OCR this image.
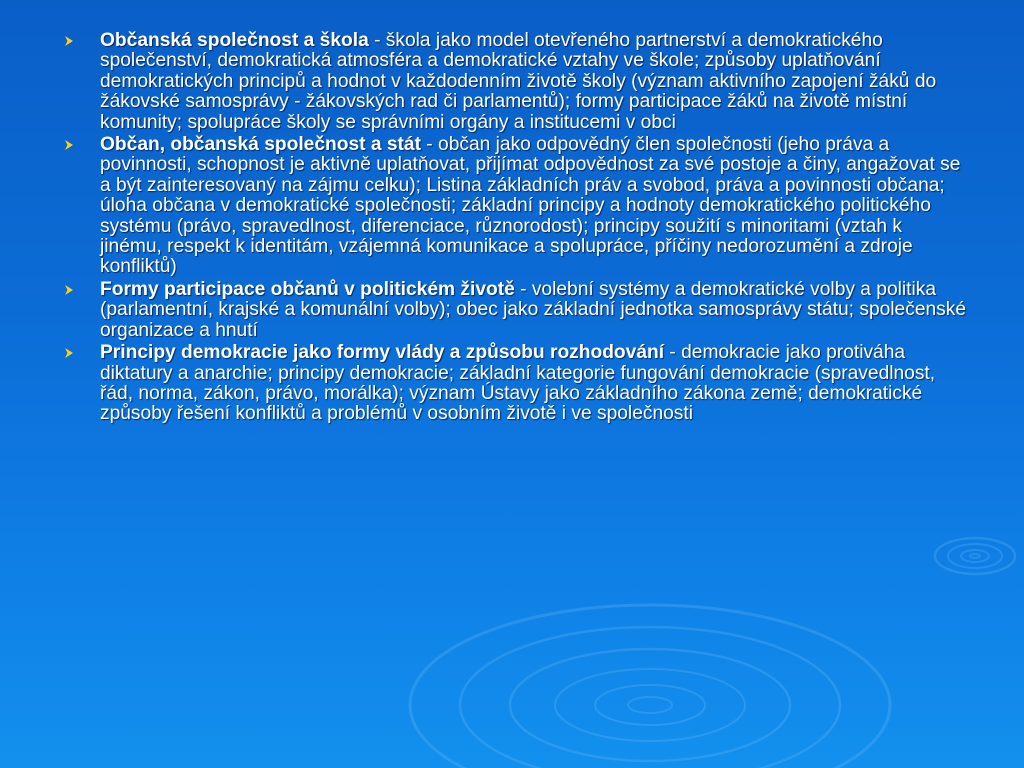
Občanská společnost a škola - škola jako model otevřeného partnerství a demokratického společenství, demokratická atmosféra a demokratické vztahy ve škole; způsoby uplatňování demokratických principů a hodnot v každodenním životě školy (význam aktivního zapojení žáků do žákovské samosprávy - žákovských rad či parlamentů); formy participace žáků na životě místní komunity; spolupráce školy se správními orgány a institucemi v obci
Občan, občanská společnost a stát - občan jako odpovědný člen společnosti (jeho práva a povinnosti, schopnost je aktivně uplatňovat, přijímat odpovědnost za své postoje a činy, angažovat se a být zainteresovaný na zájmu celku); Listina základních práv a svobod, práva a povinnosti občana; úloha občana v demokratické společnosti; základní principy a hodnoty demokratického politického systému (právo, spravedlnost, diferenciace, různorodost); principy soužití s minoritami (vztah k jinému, respekt k identitám, vzájemná komunikace a spolupráce, příčiny nedorozumění a zdroje konfliktů)
Formy participace občanů v politickém životě - volební systémy a demokratické volby a politika (parlamentní, krajské a komunální volby); obec jako základní jednotka samosprávy státu; společenské organizace a hnutí
Principy demokracie jako formy vlády a způsobu rozhodování - demokracie jako protiváha diktatury a anarchie; principy demokracie; základní kategorie fungování demokracie (spravedlnost, řád, norma, zákon, právo, morálka); význam Ústavy jako základního zákona země; demokratické způsoby řešení konfliktů a problémů v osobním životě i ve společnosti
